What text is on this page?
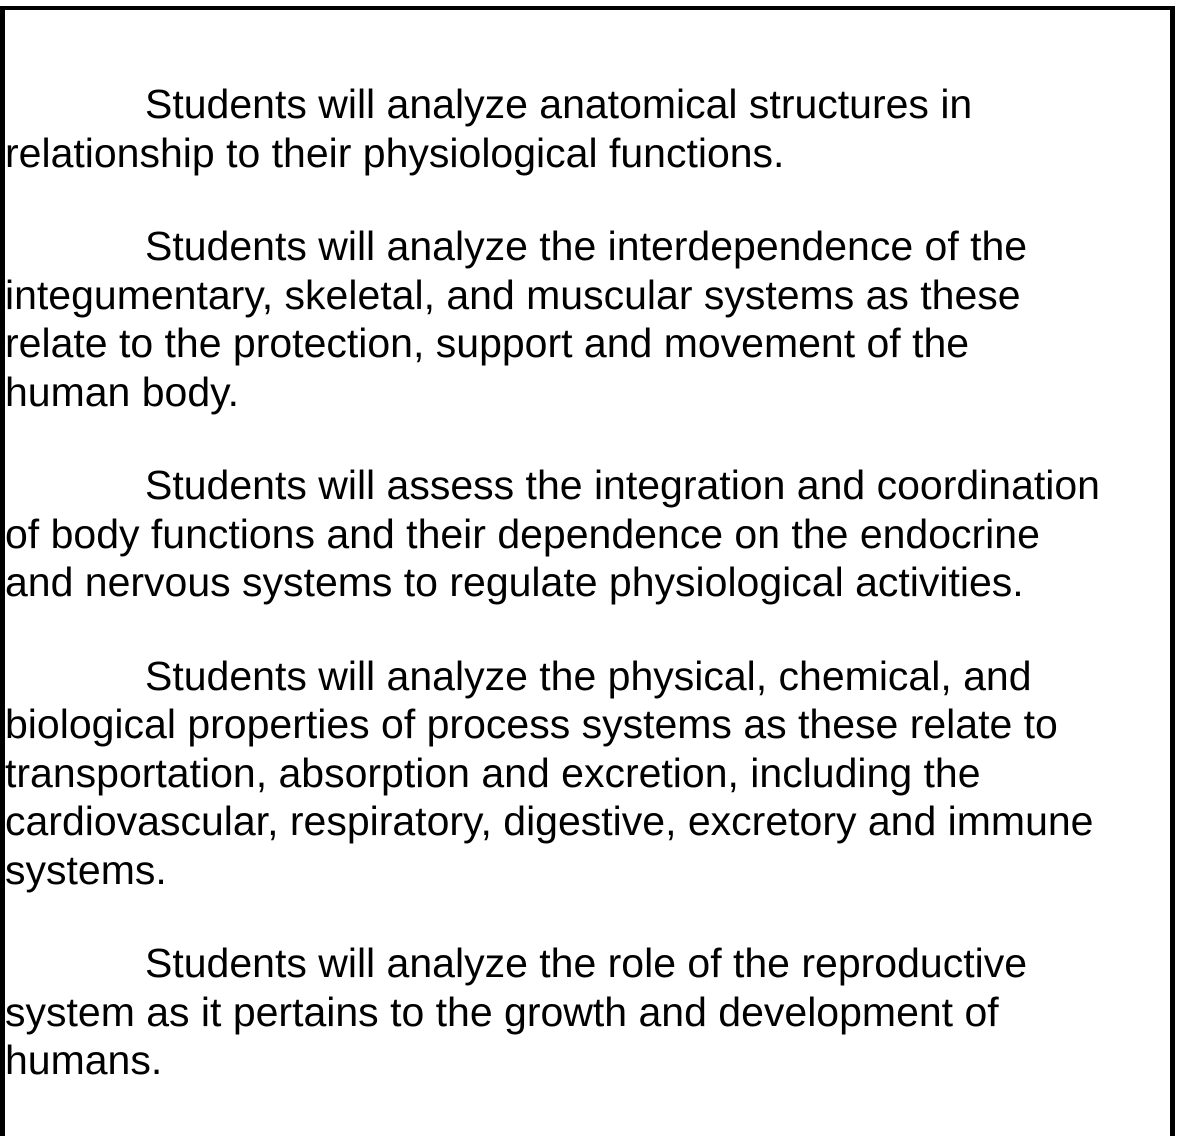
Students will analyze anatomical structures in
relationship to their physiological functions.

Students will analyze the interdependence of the
integumentary, skeletal, and muscular systems as these
relate to the protection, support and movement of the
human body.

Students will assess the integration and coordination
of body functions and their dependence on the endocrine
and nervous systems to regulate physiological activities.

Students will analyze the physical, chemical, and
biological properties of process systems as these relate to
transportation, absorption and excretion, including the
cardiovascular, respiratory, digestive, excretory and immune
systems.

Students will analyze the role of the reproductive
system as it pertains to the growth and development of
humans.
